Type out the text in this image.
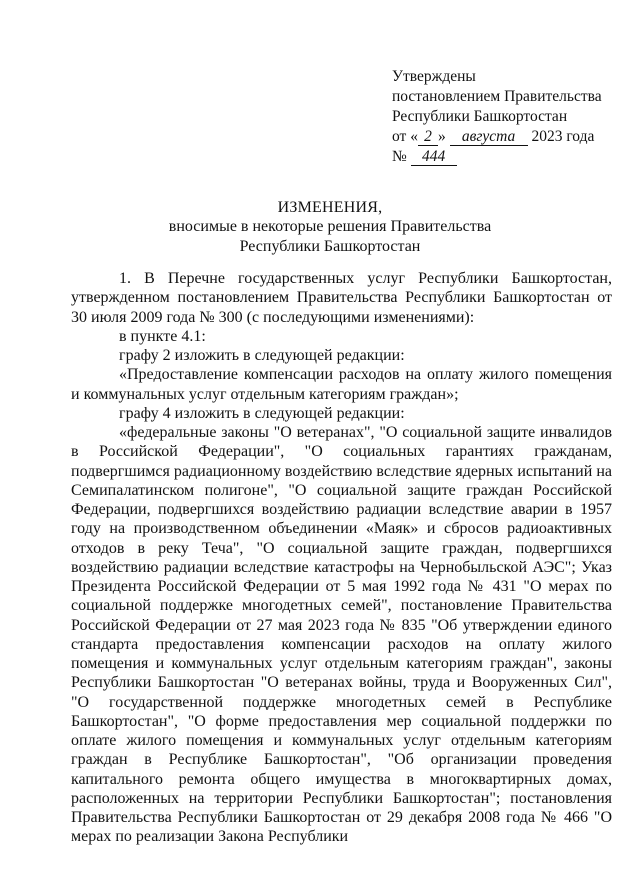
Утверждены
постановлением Правительства
Республики Башкортостан
от « 2 » августа 2023 года
№ 444
ИЗМЕНЕНИЯ,
вносимые в некоторые решения Правительства
Республики Башкортостан

1. В Перечне государственных услуг Республики Башкортостан, утвержденном постановлением Правительства Республики Башкортостан от 30 июля 2009 года № 300 (с последующими изменениями):

в пункте 4.1:

графу 2 изложить в следующей редакции:

«Предоставление компенсации расходов на оплату жилого помещения и коммунальных услуг отдельным категориям граждан»;

графу 4 изложить в следующей редакции:

«федеральные законы "О ветеранах", "О социальной защите инвалидов в Российской Федерации", "О социальных гарантиях гражданам, подвергшимся радиационному воздействию вследствие ядерных испытаний на Семипалатинском полигоне", "О социальной защите граждан Российской Федерации, подвергшихся воздействию радиации вследствие аварии в 1957 году на производственном объединении «Маяк» и сбросов радиоактивных отходов в реку Теча", "О социальной защите граждан, подвергшихся воздействию радиации вследствие катастрофы на Чернобыльской АЭС"; Указ Президента Российской Федерации от 5 мая 1992 года № 431 "О мерах по социальной поддержке многодетных семей", постановление Правительства Российской Федерации от 27 мая 2023 года № 835 "Об утверждении единого стандарта предоставления компенсации расходов на оплату жилого помещения и коммунальных услуг отдельным категориям граждан", законы Республики Башкортостан "О ветеранах войны, труда и Вооруженных Сил", "О государственной поддержке многодетных семей в Республике Башкортостан", "О форме предоставления мер социальной поддержки по оплате жилого помещения и коммунальных услуг отдельным категориям граждан в Республике Башкортостан", "Об организации проведения капитального ремонта общего имущества в многоквартирных домах, расположенных на территории Республики Башкортостан"; постановления Правительства Республики Башкортостан от 29 декабря 2008 года № 466 "О мерах по реализации Закона Республики
